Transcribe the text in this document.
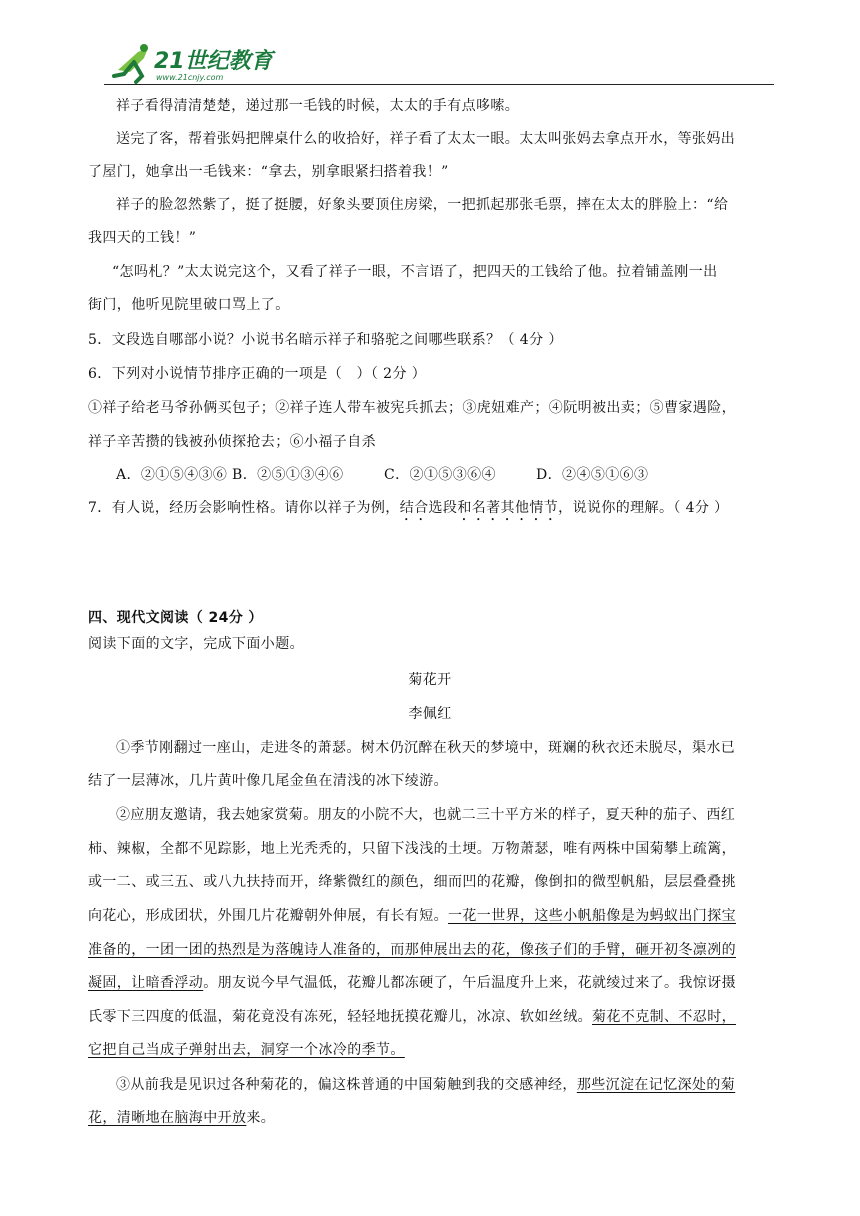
21世纪教育
www.21cnjy.com
祥子看得清清楚楚，递过那一毛钱的时候，太太的手有点哆嗦。
送完了客，帮着张妈把牌桌什么的收拾好，祥子看了太太一眼。太太叫张妈去拿点开水，等张妈出
了屋门，她拿出一毛钱来：“拿去，别拿眼紧扫搭着我！”
祥子的脸忽然紫了，挺了挺腰，好象头要顶住房梁，一把抓起那张毛票，摔在太太的胖脸上：“给
我四天的工钱！”
“怎吗札？”太太说完这个，又看了祥子一眼，不言语了，把四天的工钱给了他。拉着铺盖刚一出
街门，他听见院里破口骂上了。
5．文段选自哪部小说？小说书名暗示祥子和骆驼之间哪些联系？（ 4分 ）
6．下列对小说情节排序正确的一项是（　）（ 2分 ）
①祥子给老马爷孙俩买包子；②祥子连人带车被宪兵抓去；③虎妞难产；④阮明被出卖；⑤曹家遇险，
祥子辛苦攒的钱被孙侦探抢去；⑥小福子自杀
A．②①⑤④③⑥ B．②⑤①③④⑥	C．②①⑤③⑥④	D．②④⑤①⑥③
7．有人说，经历会影响性格。请你以祥子为例，结合选段和名著其他情节，说说你的理解。（ 4分 ）
四、现代文阅读（ 24分 ）
阅读下面的文字，完成下面小题。
菊花开
李佩红
①季节刚翻过一座山，走进冬的萧瑟。树木仍沉醉在秋天的梦境中，斑斓的秋衣还未脱尽，渠水已
结了一层薄冰，几片黄叶像几尾金鱼在清浅的冰下绫游。
②应朋友邀请，我去她家赏菊。朋友的小院不大，也就二三十平方米的样子，夏天种的茄子、西红
柿、辣椒，全都不见踪影，地上光秃秃的，只留下浅浅的土埂。万物萧瑟，唯有两株中国菊攀上疏篱，
或一二、或三五、或八九扶持而开，绛紫微红的颜色，细而凹的花瓣，像倒扣的微型帆船，层层叠叠挑
向花心，形成团状，外围几片花瓣朝外伸展，有长有短。一花一世界，这些小帆船像是为蚂蚁出门探宝
准备的，一团一团的热烈是为落魄诗人准备的，而那伸展出去的花，像孩子们的手臂，砸开初冬凛冽的
凝固，让暗香浮动。朋友说今早气温低，花瓣儿都冻硬了，午后温度升上来，花就绫过来了。我惊讶摄
氏零下三四度的低温，菊花竟没有冻死，轻轻地抚摸花瓣儿，冰凉、软如丝绒。菊花不克制、不忍时，
它把自己当成子弹射出去，洞穿一个冰冷的季节。
③从前我是见识过各种菊花的，偏这株普通的中国菊触到我的交感神经，那些沉淀在记忆深处的菊
花，清晰地在脑海中开放来。
